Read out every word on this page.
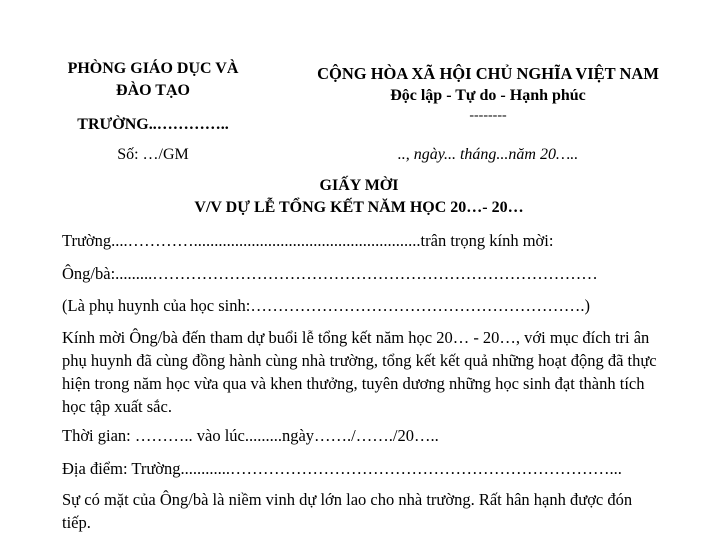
PHÒNG GIÁO DỤC VÀ
ĐÀO TẠO
TRƯỜNG..…………..
Số: …/GM
CỘNG HÒA XÃ HỘI CHỦ NGHĨA VIỆT NAM
Độc lập - Tự do - Hạnh phúc
--------
.., ngày... tháng...năm 20…..
GIẤY MỜI
V/V DỰ LỄ TỔNG KẾT NĂM HỌC 20…- 20…
Trường....………….......................................................trân trọng kính mời:
Ông/bà:.........………………………………………………………………………
(Là phụ huynh của học sinh:…………………………………………………….)
Kính mời Ông/bà đến tham dự buổi lễ tổng kết năm học 20… - 20…, với mục đích tri ân phụ huynh đã cùng đồng hành cùng nhà trường, tổng kết kết quả những hoạt động đã thực hiện trong năm học vừa qua và khen thưởng, tuyên dương những học sinh đạt thành tích học tập xuất sắc.
Thời gian: ……….. vào lúc.........ngày……./……./20…..
Địa điểm: Trường............……………………………………………………………...
Sự có mặt của Ông/bà là niềm vinh dự lớn lao cho nhà trường. Rất hân hạnh được đón tiếp.
